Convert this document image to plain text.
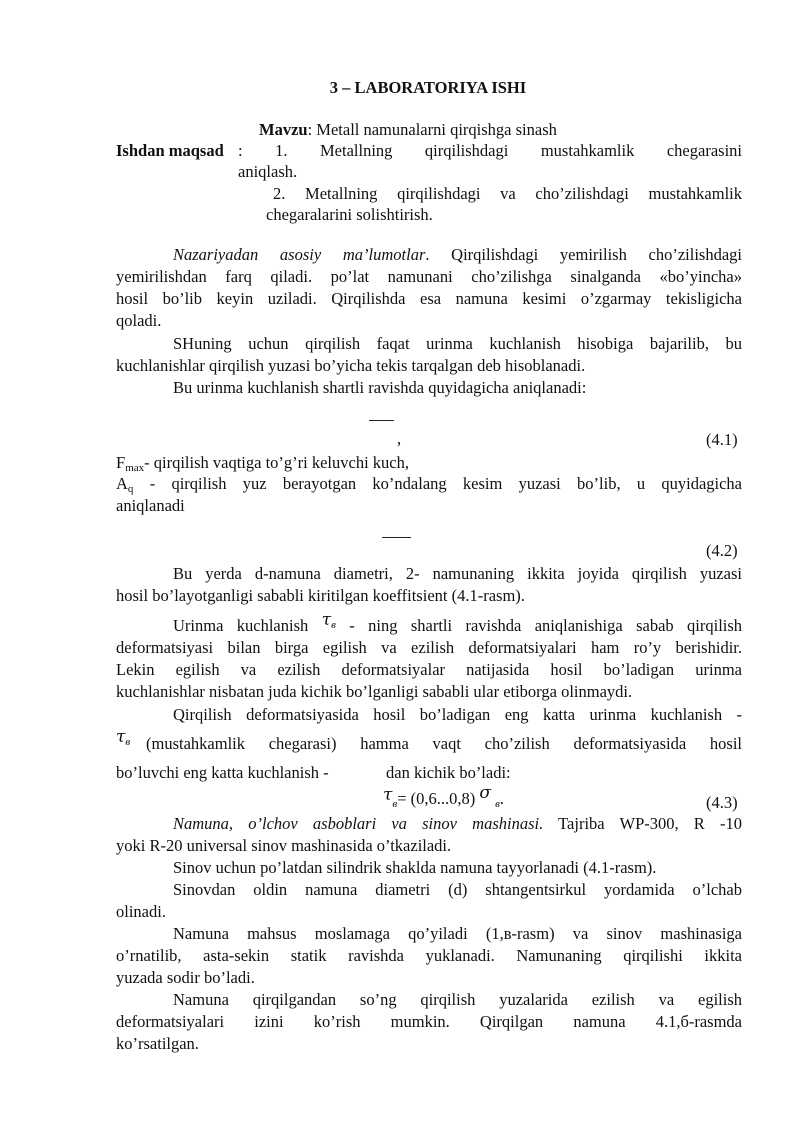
3 – LABORATORIYA ISHI
Mavzu: Metall namunalarni qirqishga sinash
Ishdan maqsad : 1. Metallning qirqilishdagi mustahkamlik chegarasini
aniqlash.
2. Metallning qirqilishdagi va cho’zilishdagi mustahkamlik
chegaralarini solishtirish.
Nazariyadan asosiy ma’lumotlar. Qirqilishdagi yemirilish cho’zilishdagi
yemirilishdan farq qiladi. po’lat namunani cho’zilishga sinalganda «bo’yincha»
hosil bo’lib keyin uziladi. Qirqilishda esa namuna kesimi o’zgarmay tekisligicha
qoladi.
SHuning uchun qirqilish faqat urinma kuchlanish hisobiga bajarilib, bu
kuchlanishlar qirqilish yuzasi bo’yicha tekis tarqalgan deb hisoblanadi.
Bu urinma kuchlanish shartli ravishda quyidagicha aniqlanadi:
,	(4.1)
Fmax- qirqilish vaqtiga to’g’ri keluvchi kuch,
Aq - qirqilish yuz berayotgan ko’ndalang kesim yuzasi bo’lib, u quyidagicha
aniqlanadi
(4.2)
Bu yerda d-namuna diametri, 2- namunaning ikkita joyida qirqilish yuzasi
hosil bo’layotganligi sababli kiritilgan koeffitsient (4.1-rasm).
Urinma kuchlanish τв - ning shartli ravishda aniqlanishiga sabab qirqilish
deformatsiyasi bilan birga egilish va ezilish deformatsiyalari ham ro’y berishidir.
Lekin egilish va ezilish deformatsiyalar natijasida hosil bo’ladigan urinma
kuchlanishlar nisbatan juda kichik bo’lganligi sababli ular etiborga olinmaydi.
Qirqilish deformatsiyasida hosil bo’ladigan eng katta urinma kuchlanish -
τв (mustahkamlik chegarasi) hamma vaqt cho’zilish deformatsiyasida hosil
bo’luvchi eng katta kuchlanish -	dan kichik bo’ladi:
τв= (0,6...0,8) σ в.	(4.3)
Namuna, o’lchov asboblari va sinov mashinasi. Tajriba WP-300, R -10
yoki R-20 universal sinov mashinasida o’tkaziladi.
Sinov uchun po’latdan silindrik shaklda namuna tayyorlanadi (4.1-rasm).
Sinovdan oldin namuna diametri (d) shtangentsirkul yordamida o’lchab
olinadi.
Namuna mahsus moslamaga qo’yiladi (1,в-rasm) va sinov mashinasiga
o’rnatilib, asta-sekin statik ravishda yuklanadi. Namunaning qirqilishi ikkita
yuzada sodir bo’ladi.
Namuna qirqilgandan so’ng qirqilish yuzalarida ezilish va egilish
deformatsiyalari izini ko’rish mumkin. Qirqilgan namuna 4.1,б-rasmda
ko’rsatilgan.
